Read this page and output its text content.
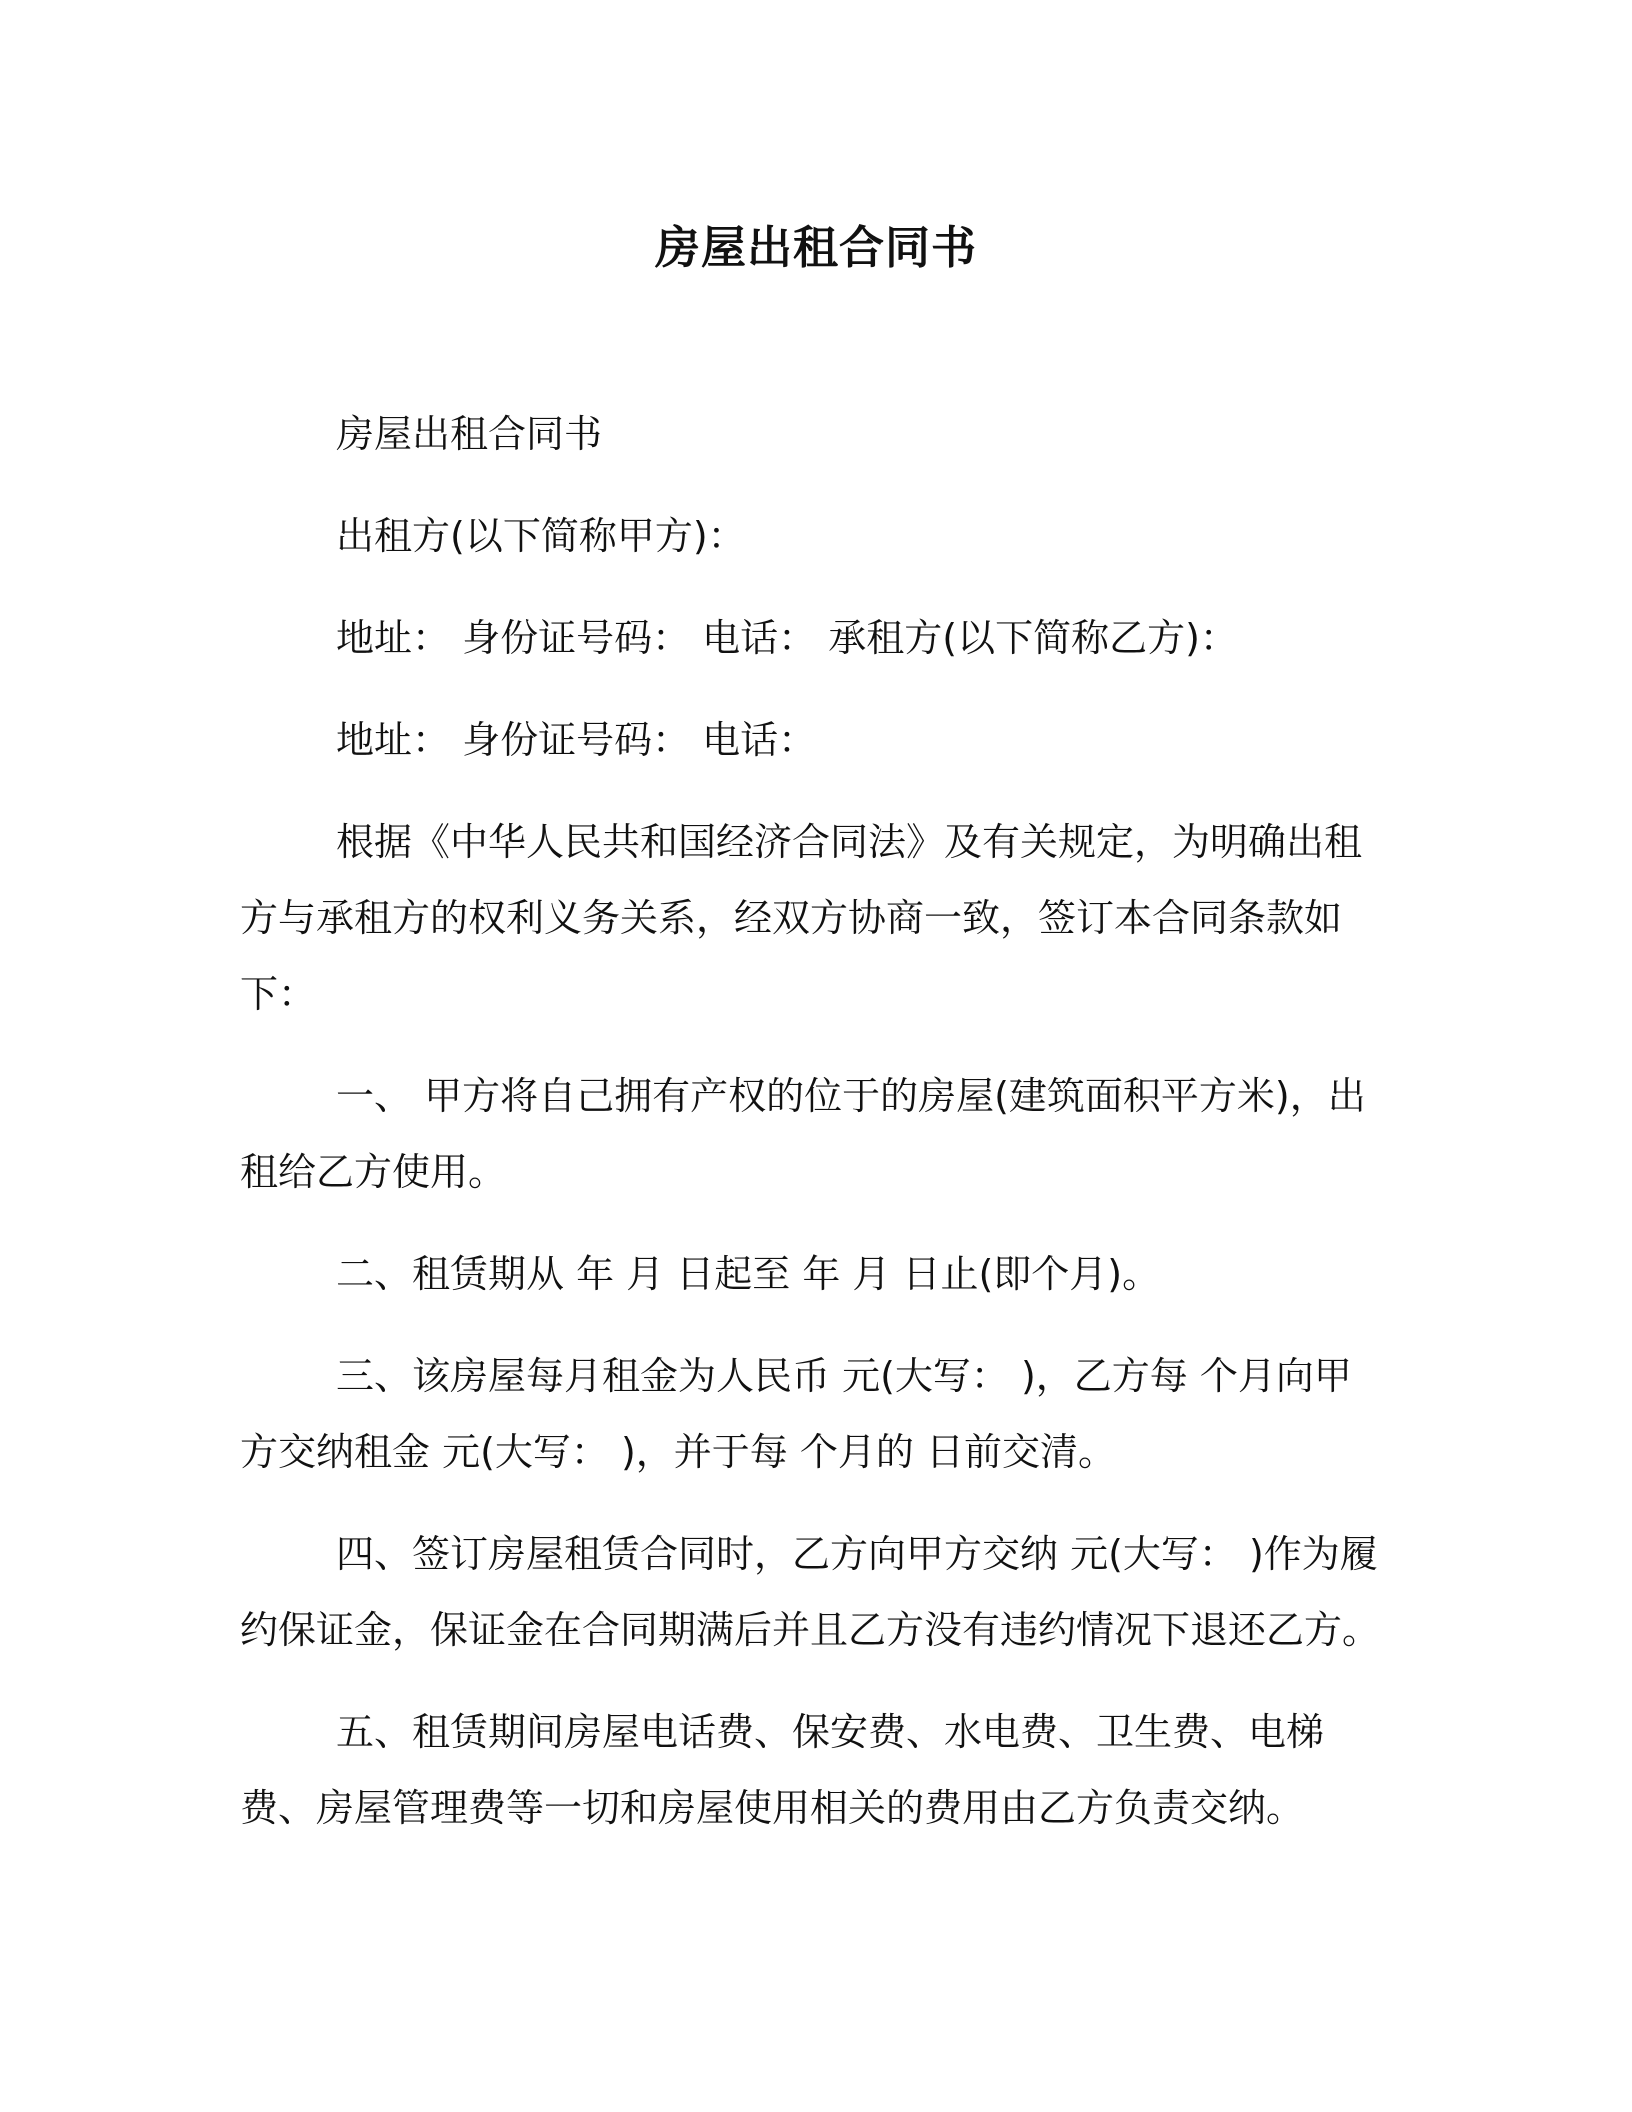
房屋出租合同书

房屋出租合同书

出租方(以下简称甲方)：

地址： 身份证号码： 电话： 承租方(以下简称乙方)：

地址： 身份证号码： 电话：

根据《中华人民共和国经济合同法》及有关规定，为明确出租方与承租方的权利义务关系，经双方协商一致，签订本合同条款如下：

一、 甲方将自己拥有产权的位于的房屋(建筑面积平方米)，出租给乙方使用。

二、租赁期从 年 月 日起至 年 月 日止(即个月)。

三、该房屋每月租金为人民币 元(大写： )，乙方每 个月向甲方交纳租金 元(大写： )，并于每 个月的 日前交清。

四、签订房屋租赁合同时，乙方向甲方交纳 元(大写： )作为履约保证金，保证金在合同期满后并且乙方没有违约情况下退还乙方。

五、租赁期间房屋电话费、保安费、水电费、卫生费、电梯费、房屋管理费等一切和房屋使用相关的费用由乙方负责交纳。
